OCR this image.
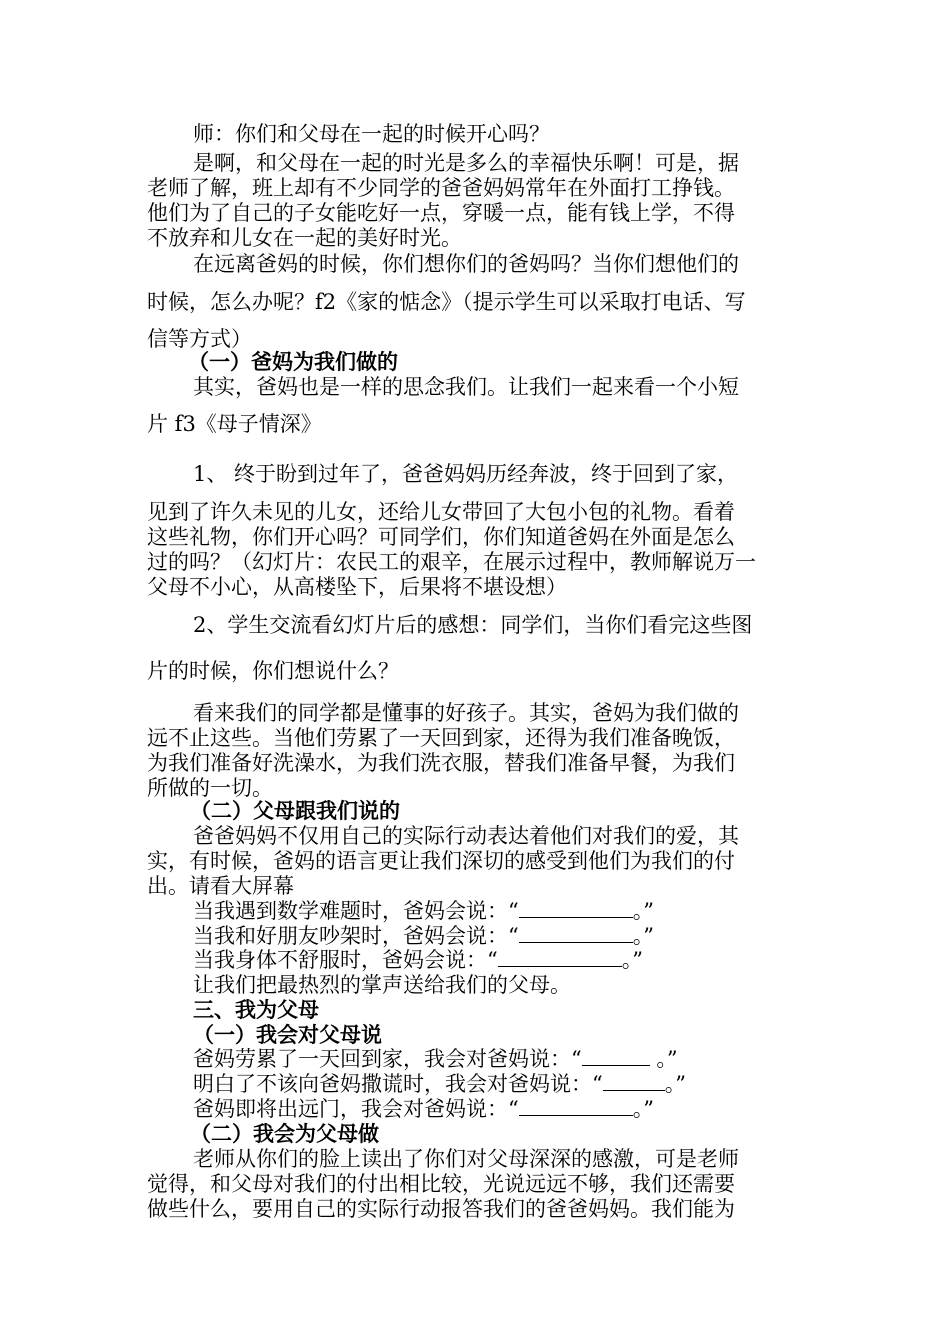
师：你们和父母在一起的时候开心吗？
是啊，和父母在一起的时光是多么的幸福快乐啊！可是，据
老师了解，班上却有不少同学的爸爸妈妈常年在外面打工挣钱。
他们为了自己的子女能吃好一点，穿暖一点，能有钱上学，不得
不放弃和儿女在一起的美好时光。
在远离爸妈的时候，你们想你们的爸妈吗？当你们想他们的
时候，怎么办呢？f2《家的惦念》（提示学生可以采取打电话、写
信等方式）
（一）爸妈为我们做的
其实，爸妈也是一样的思念我们。让我们一起来看一个小短
片 f3《母子情深》
1、 终于盼到过年了，爸爸妈妈历经奔波，终于回到了家，
见到了许久未见的儿女，还给儿女带回了大包小包的礼物。看着
这些礼物，你们开心吗？可同学们，你们知道爸妈在外面是怎么
过的吗？（幻灯片：农民工的艰辛，在展示过程中，教师解说万一
父母不小心，从高楼坠下，后果将不堪设想）
2、学生交流看幻灯片后的感想：同学们，当你们看完这些图
片的时候，你们想说什么？
看来我们的同学都是懂事的好孩子。其实，爸妈为我们做的
远不止这些。当他们劳累了一天回到家，还得为我们准备晚饭，
为我们准备好洗澡水，为我们洗衣服，替我们准备早餐，为我们
所做的一切。
（二）父母跟我们说的
爸爸妈妈不仅用自己的实际行动表达着他们对我们的爱，其
实，有时候，爸妈的语言更让我们深切的感受到他们为我们的付
出。请看大屏幕
当我遇到数学难题时，爸妈会说：“	。”
当我和好朋友吵架时，爸妈会说：“	。”
当我身体不舒服时，爸妈会说：“	。”
让我们把最热烈的掌声送给我们的父母。
三、我为父母
（一）我会对父母说
爸妈劳累了一天回到家，我会对爸妈说：“	。”
明白了不该向爸妈撒谎时，我会对爸妈说：“	。”
爸妈即将出远门，我会对爸妈说：“	。”
（二）我会为父母做
老师从你们的脸上读出了你们对父母深深的感激，可是老师
觉得，和父母对我们的付出相比较，光说远远不够，我们还需要
做些什么，要用自己的实际行动报答我们的爸爸妈妈。我们能为
